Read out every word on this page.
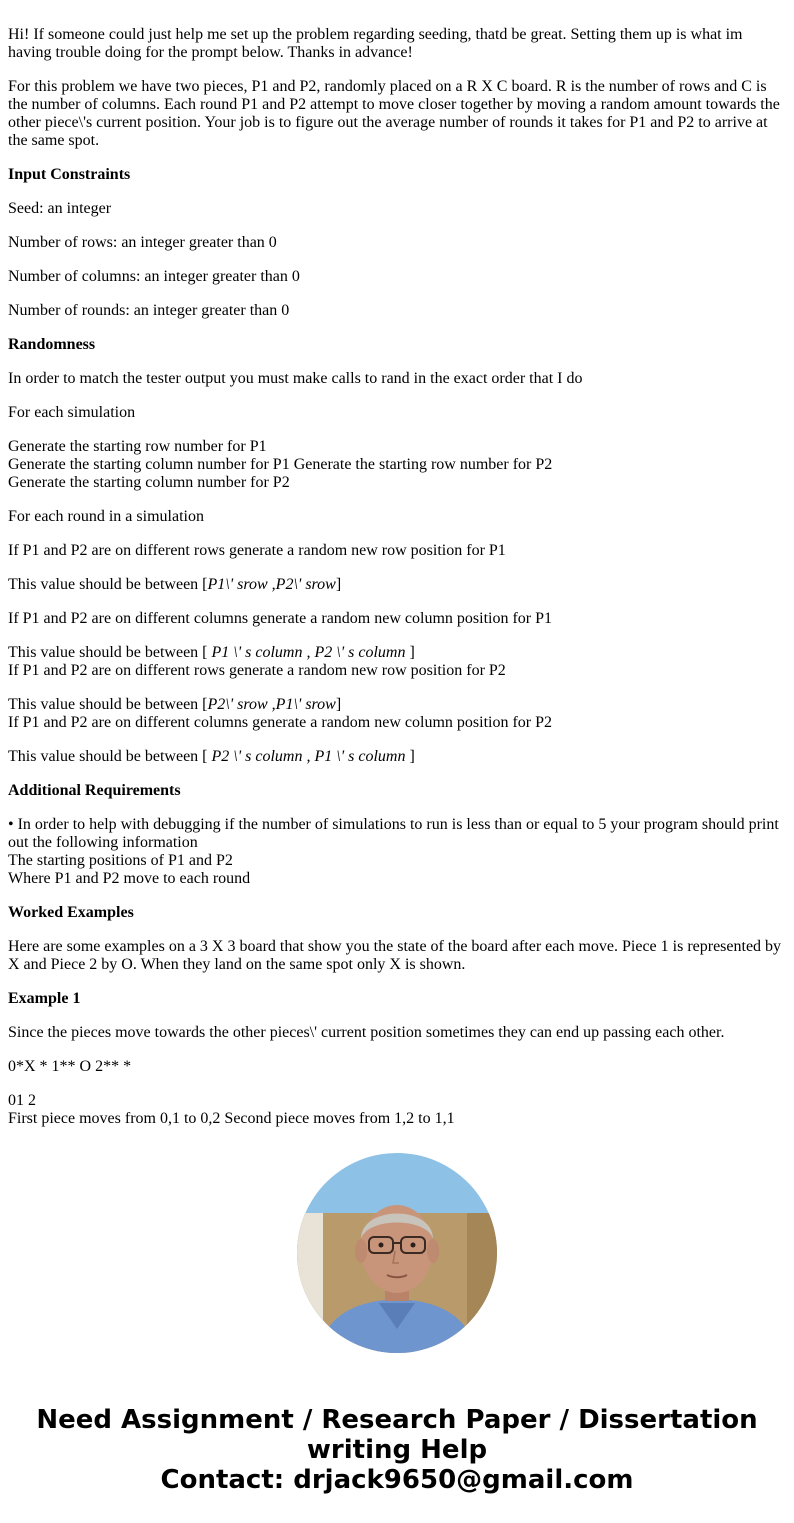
Hi! If someone could just help me set up the problem regarding seeding, thatd be great. Setting them up is what im having trouble doing for the prompt below. Thanks in advance!

For this problem we have two pieces, P1 and P2, randomly placed on a R X C board. R is the number of rows and C is the number of columns. Each round P1 and P2 attempt to move closer together by moving a random amount towards the other piece\'s current position. Your job is to figure out the average number of rounds it takes for P1 and P2 to arrive at the same spot.

Input Constraints

Seed: an integer

Number of rows: an integer greater than 0

Number of columns: an integer greater than 0

Number of rounds: an integer greater than 0

Randomness

In order to match the tester output you must make calls to rand in the exact order that I do

For each simulation

Generate the starting row number for P1
Generate the starting column number for P1 Generate the starting row number for P2
Generate the starting column number for P2

For each round in a simulation

If P1 and P2 are on different rows generate a random new row position for P1

This value should be between [P1\' srow ,P2\' srow]

If P1 and P2 are on different columns generate a random new column position for P1

This value should be between [ P1 \' s column , P2 \' s column ]

If P1 and P2 are on different rows generate a random new row position for P2

This value should be between [P2\' srow ,P1\' srow]

If P1 and P2 are on different columns generate a random new column position for P2

This value should be between [ P2 \' s column , P1 \' s column ]

Additional Requirements

• In order to help with debugging if the number of simulations to run is less than or equal to 5 your program should print out the following information
The starting positions of P1 and P2
Where P1 and P2 move to each round

Worked Examples

Here are some examples on a 3 X 3 board that show you the state of the board after each move. Piece 1 is represented by X and Piece 2 by O. When they land on the same spot only X is shown.

Example 1

Since the pieces move towards the other pieces\' current position sometimes they can end up passing each other.

0*X * 1** O 2** *

01 2
First piece moves from 0,1 to 0,2 Second piece moves from 1,2 to 1,1

Need Assignment / Research Paper / Dissertation writing Help
Contact: drjack9650@gmail.com
